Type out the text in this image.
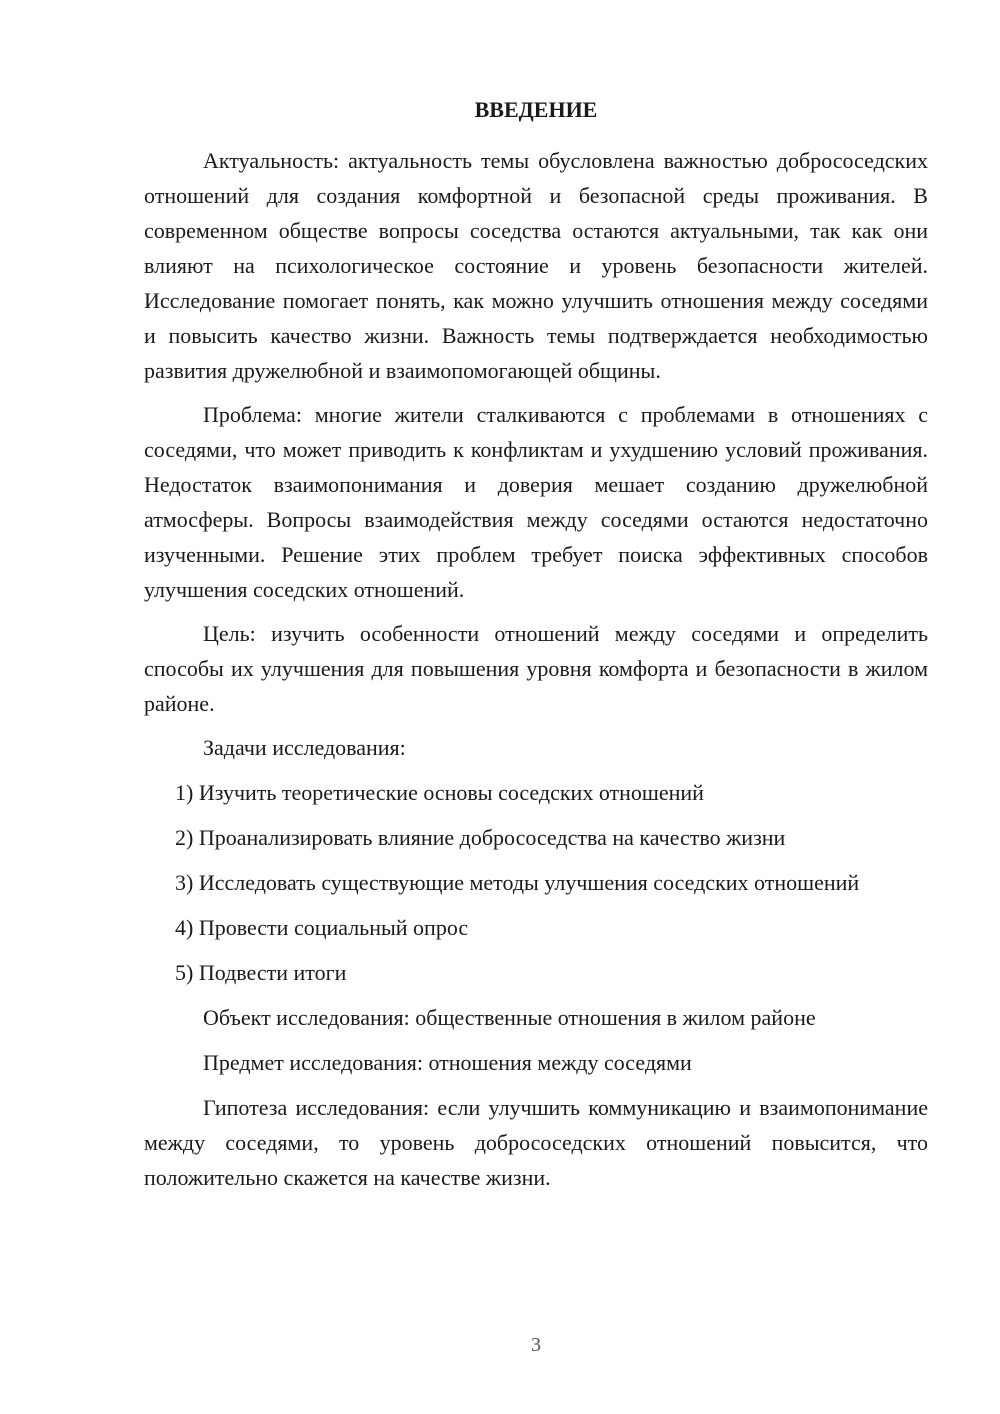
ВВЕДЕНИЕ

Актуальность: актуальность темы обусловлена важностью добрососедских отношений для создания комфортной и безопасной среды проживания. В современном обществе вопросы соседства остаются актуальными, так как они влияют на психологическое состояние и уровень безопасности жителей. Исследование помогает понять, как можно улучшить отношения между соседями и повысить качество жизни. Важность темы подтверждается необходимостью развития дружелюбной и взаимопомогающей общины.

Проблема: многие жители сталкиваются с проблемами в отношениях с соседями, что может приводить к конфликтам и ухудшению условий проживания. Недостаток взаимопонимания и доверия мешает созданию дружелюбной атмосферы. Вопросы взаимодействия между соседями остаются недостаточно изученными. Решение этих проблем требует поиска эффективных способов улучшения соседских отношений.

Цель: изучить особенности отношений между соседями и определить способы их улучшения для повышения уровня комфорта и безопасности в жилом районе.

Задачи исследования:

1) Изучить теоретические основы соседских отношений

2) Проанализировать влияние добрососедства на качество жизни

3) Исследовать существующие методы улучшения соседских отношений

4) Провести социальный опрос

5) Подвести итоги

Объект исследования: общественные отношения в жилом районе

Предмет исследования: отношения между соседями

Гипотеза исследования: если улучшить коммуникацию и взаимопонимание между соседями, то уровень добрососедских отношений повысится, что положительно скажется на качестве жизни.

3
